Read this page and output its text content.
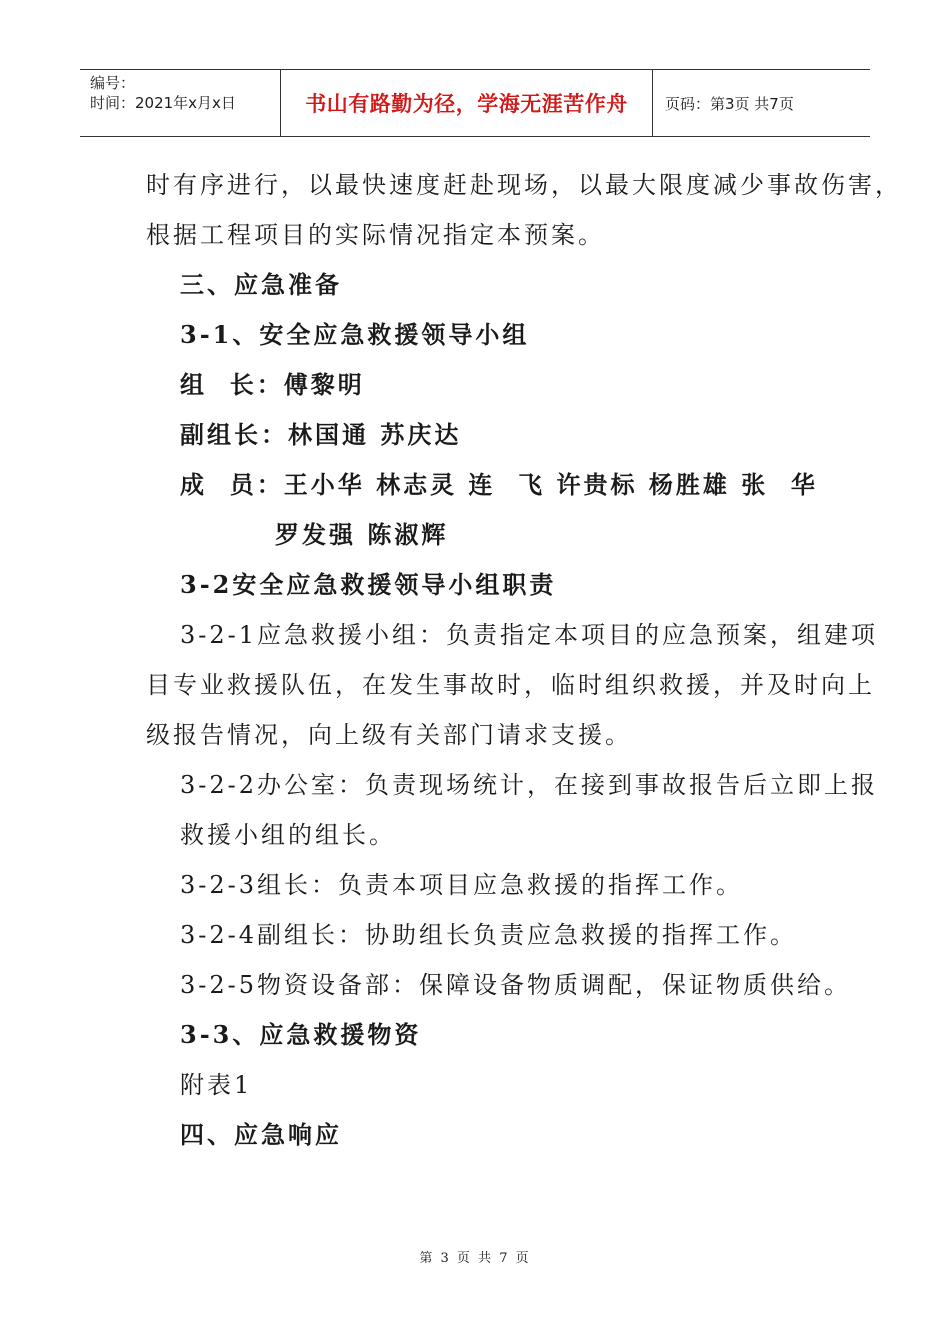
编号：
时间：2021年x月x日	书山有路勤为径，学海无涯苦作舟 页码：第3页 共7页

时有序进行，以最快速度赶赴现场，以最大限度减少事故伤害，

根据工程项目的实际情况指定本预案。

三、应急准备

3-1、安全应急救援领导小组

组  长：傅黎明

副组长：林国通 苏庆达

成  员：王小华 林志灵 连  飞 许贵标 杨胜雄 张  华

罗发强 陈淑辉

3-2安全应急救援领导小组职责

3-2-1应急救援小组：负责指定本项目的应急预案，组建项

目专业救援队伍，在发生事故时，临时组织救援，并及时向上

级报告情况，向上级有关部门请求支援。

3-2-2办公室：负责现场统计，在接到事故报告后立即上报

救援小组的组长。

3-2-3组长：负责本项目应急救援的指挥工作。

3-2-4副组长：协助组长负责应急救援的指挥工作。

3-2-5物资设备部：保障设备物质调配，保证物质供给。

3-3、应急救援物资

附表1

四、应急响应

第 3 页 共 7 页
